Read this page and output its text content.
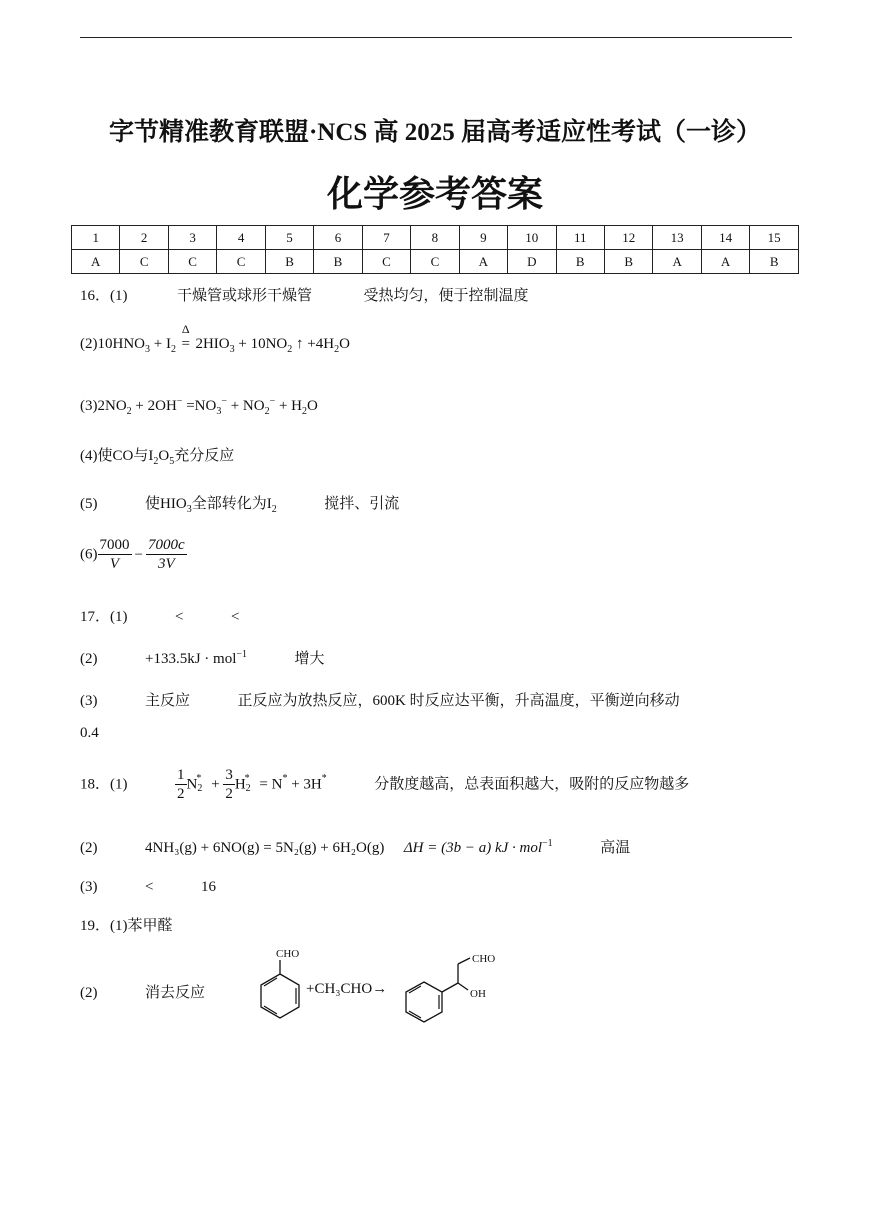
字节精准教育联盟·NCS 高 2025 届高考适应性考试（一诊）
化学参考答案
1	2	3	4	5	6	7	8	9	10	11	12	13	14	15
A	C	C	C	B	B	C	C	A	D	B	B	A	A	B
16．(1)	干燥管或球形干燥管	受热均匀，便于控制温度
$(2)10HNO_3 + I_2$
Δ
= $2HIO_3 + 10NO_2$ ↑ $+4H_2O$
$(3)2NO_2 + 2OH^- =NO_3^- + NO_2^- + H_2O$
(4)使CO与$I_2O_5$充分反应
(5)	使$HIO_3$全部转化为$I_2$	搅拌、引流
$(6) \frac{7000}{V} - \frac{7000c}{3V}$
17．(1)	<	<
(2)	+133.5kJ · mol$^{-1}$	增大
(3)	主反应	正反应为放热反应，600K 时反应达平衡，升高温度，平衡逆向移动
0.4
18．(1)	$\frac{1}{2} N_2^* + \frac{3}{2} H_2^* = N^* + 3H^*$	分散度越高，总表面积越大，吸附的反应物越多
(2)	4NH₃(g) + 6NO(g) = 5N₂(g) + 6H₂O(g) ΔH = (3b − a) kJ · mol$^{-1}$	高温
(3)	<	16
19．(1)苯甲醛
(2)	消去反应
CHO
+CH₃CHO→
CHO
OH
